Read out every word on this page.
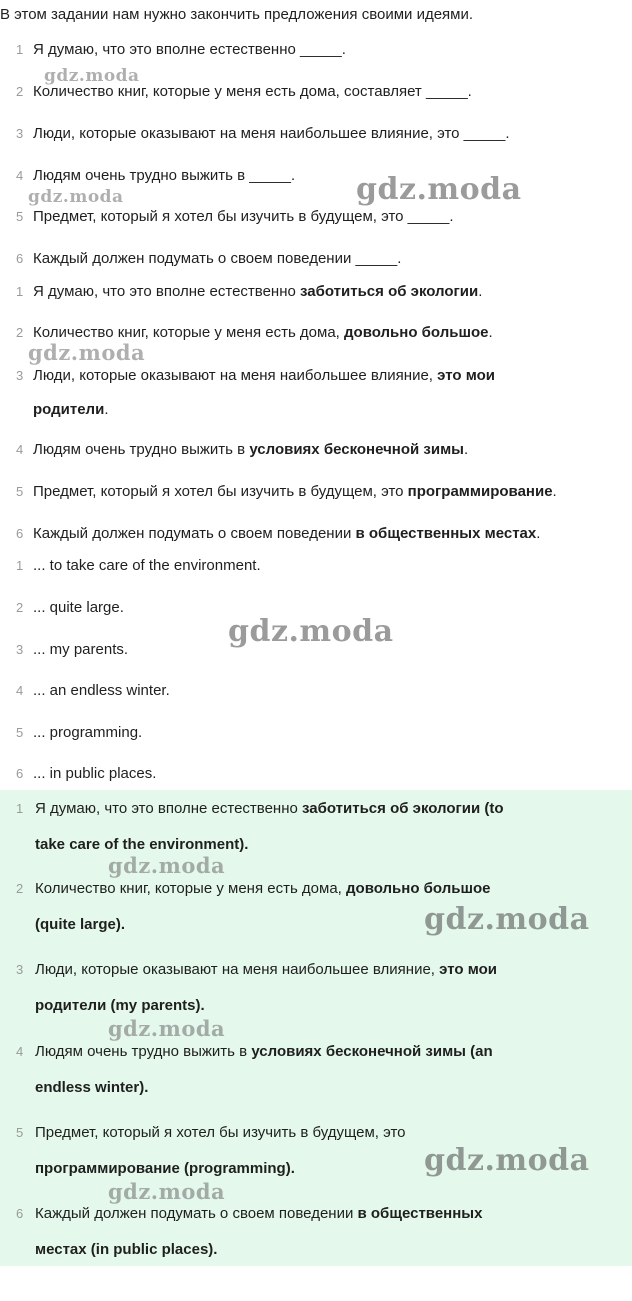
В этом задании нам нужно закончить предложения своими идеями.
1 Я думаю, что это вполне естественно _____.
2 Количество книг, которые у меня есть дома, составляет _____.
3 Люди, которые оказывают на меня наибольшее влияние, это _____.
4 Людям очень трудно выжить в _____.
5 Предмет, который я хотел бы изучить в будущем, это _____.
6 Каждый должен подумать о своем поведении _____.
1 Я думаю, что это вполне естественно заботиться об экологии.
2 Количество книг, которые у меня есть дома, довольно большое.
3 Люди, которые оказывают на меня наибольшее влияние, это мои
родители.
4 Людям очень трудно выжить в условиях бесконечной зимы.
5 Предмет, который я хотел бы изучить в будущем, это программирование.
6 Каждый должен подумать о своем поведении в общественных местах.
1 ... to take care of the environment.
2 ... quite large.
3 ... my parents.
4 ... an endless winter.
5 ... programming.
6 ... in public places.
1 Я думаю, что это вполне естественно заботиться об экологии (to
take care of the environment).
2 Количество книг, которые у меня есть дома, довольно большое
(quite large).
3 Люди, которые оказывают на меня наибольшее влияние, это мои
родители (my parents).
4 Людям очень трудно выжить в условиях бесконечной зимы (an
endless winter).
5 Предмет, который я хотел бы изучить в будущем, это
программирование (programming).
6 Каждый должен подумать о своем поведении в общественных
местах (in public places).
gdz.moda
gdz.moda	gdz.moda
gdz.moda
gdz.moda
gdz.moda
gdz.moda
gdz.moda
gdz.moda
gdz.moda
